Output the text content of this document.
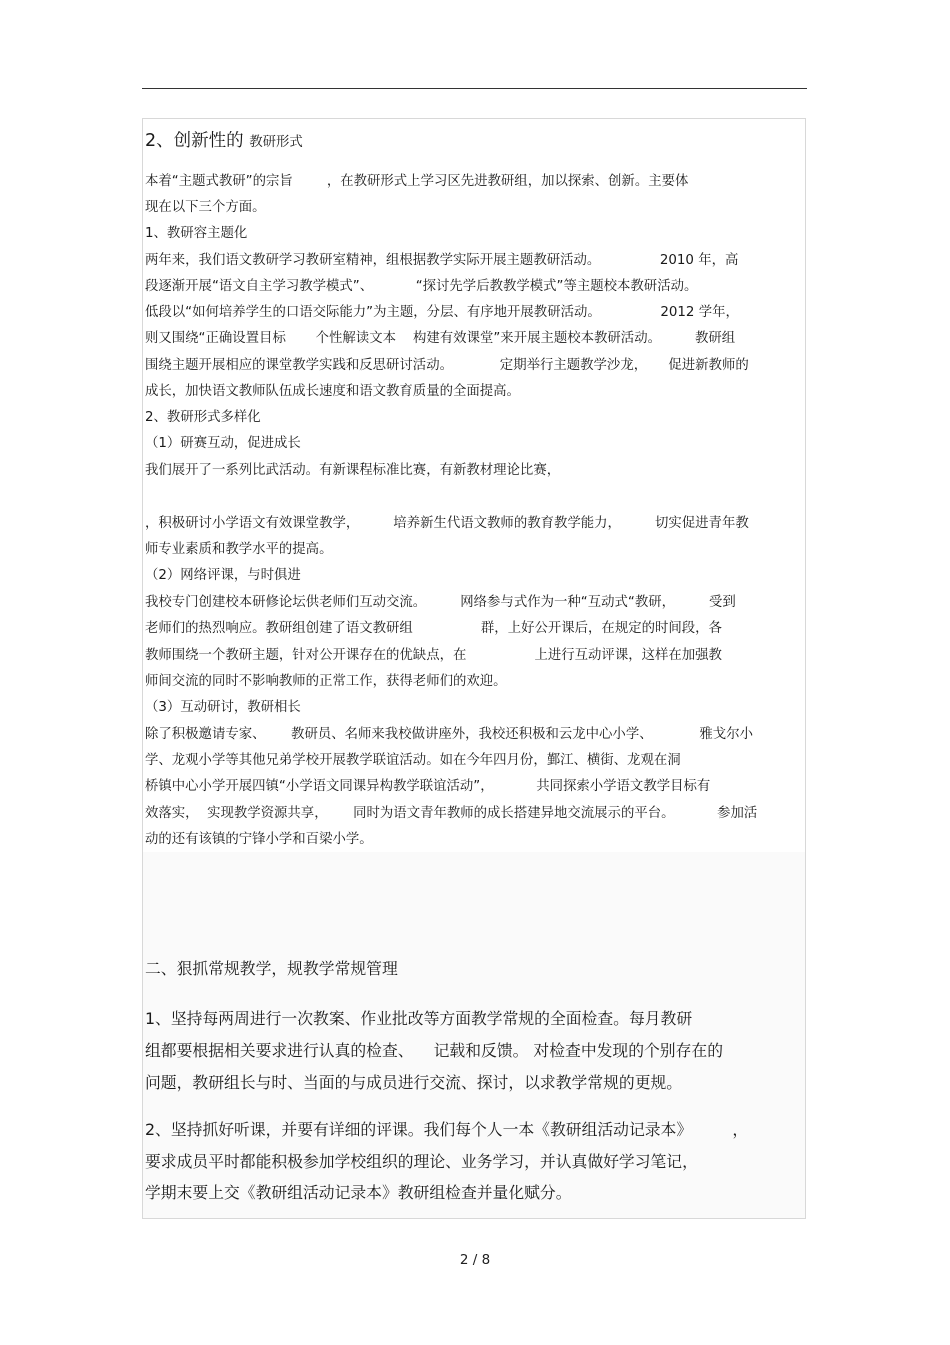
2、创新性的 教研形式
本着“主题式教研”的宗旨        ，在教研形式上学习区先进教研组，加以探索、创新。主要体
现在以下三个方面。
1、教研容主题化
两年来，我们语文教研学习教研室精神，组根据教学实际开展主题教研活动。              2010 年，高
段逐渐开展“语文自主学习教学模式”、          “探讨先学后教教学模式”等主题校本教研活动。
低段以“如何培养学生的口语交际能力”为主题，分层、有序地开展教研活动。              2012 学年，
则又围绕“正确设置目标       个性解读文本    构建有效课堂”来开展主题校本教研活动。        教研组
围绕主题开展相应的课堂教学实践和反思研讨活动。           定期举行主题教学沙龙，     促进新教师的
成长，加快语文教师队伍成长速度和语文教育质量的全面提高。
2、教研形式多样化
（1）研赛互动，促进成长
我们展开了一系列比武活动。有新课程标准比赛，有新教材理论比赛，
，积极研讨小学语文有效课堂教学，        培养新生代语文教师的教育教学能力，        切实促进青年教
师专业素质和教学水平的提高。
（2）网络评课，与时俱进
我校专门创建校本研修论坛供老师们互动交流。        网络参与式作为一种“互动式“教研，        受到
老师们的热烈响应。教研组创建了语文教研组                群，上好公开课后，在规定的时间段，各
教师围绕一个教研主题，针对公开课存在的优缺点，在                上进行互动评课，这样在加强教
师间交流的同时不影响教师的正常工作，获得老师们的欢迎。
（3）互动研讨，教研相长
除了积极邀请专家、      教研员、名师来我校做讲座外，我校还积极和云龙中心小学、           雅戈尔小
学、龙观小学等其他兄弟学校开展教学联谊活动。如在今年四月份，鄞江、横街、龙观在洞
桥镇中心小学开展四镇“小学语文同课异构教学联谊活动”，          共同探索小学语文教学目标有
效落实，  实现教学资源共享，      同时为语文青年教师的成长搭建异地交流展示的平台。          参加活
动的还有该镇的宁锋小学和百梁小学。
二、狠抓常规教学，规教学常规管理
1、坚持每两周进行一次教案、作业批改等方面教学常规的全面检查。每月教研
组都要根据相关要求进行认真的检查、    记载和反馈。 对检查中发现的个别存在的
问题，教研组长与时、当面的与成员进行交流、探讨，以求教学常规的更规。
2、坚持抓好听课，并要有详细的评课。我们每个人一本《教研组活动记录本》        ，
要求成员平时都能积极参加学校组织的理论、业务学习，并认真做好学习笔记，
学期末要上交《教研组活动记录本》教研组检查并量化赋分。
2 / 8
